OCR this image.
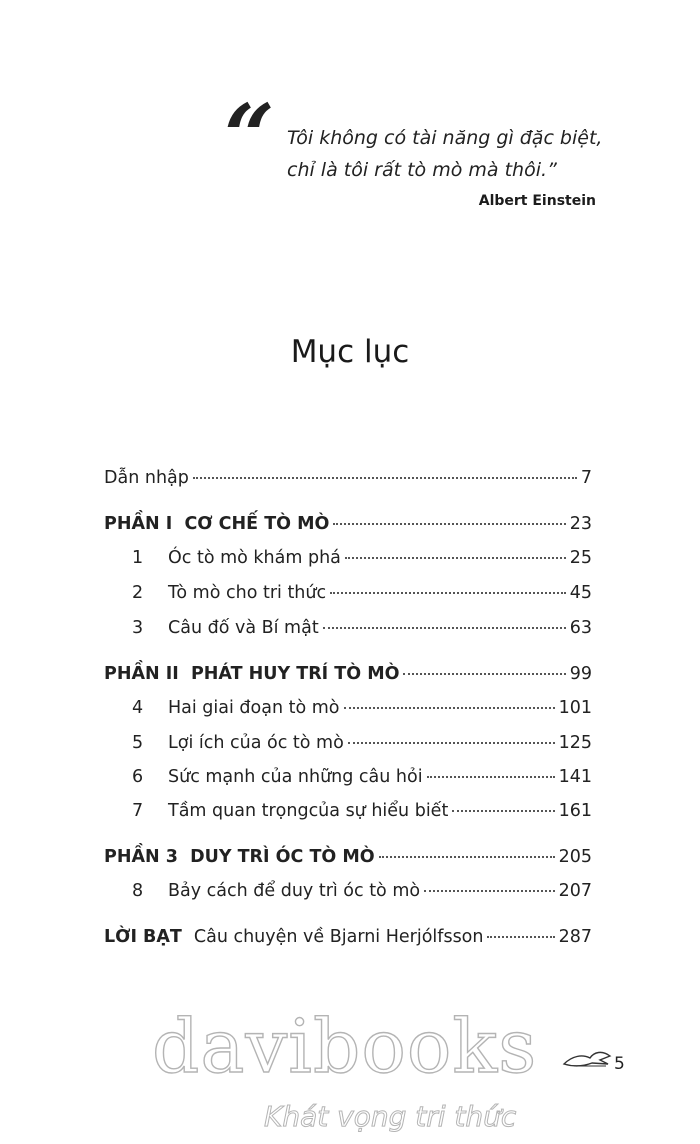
“ Tôi không có tài năng gì đặc biệt,
chỉ là tôi rất tò mò mà thôi.”
Albert Einstein
Mục lục
Dẫn nhập	7
PHẦN I  CƠ CHẾ TÒ MÒ	23
1	Óc tò mò khám phá	25
2	Tò mò cho tri thức	45
3	Câu đố và Bí mật	63
PHẦN II  PHÁT HUY TRÍ TÒ MÒ	99
4	Hai giai đoạn tò mò	101
5	Lợi ích của óc tò mò	125
6	Sức mạnh của những câu hỏi	141
7	Tầm quan trọngcủa sự hiểu biết	161
PHẦN 3  DUY TRÌ ÓC TÒ MÒ	205
8	Bảy cách để duy trì óc tò mò	207
LỜI BẠT Câu chuyện về Bjarni Herjólfsson	287
5
davibooks
Khát vọng tri thức
